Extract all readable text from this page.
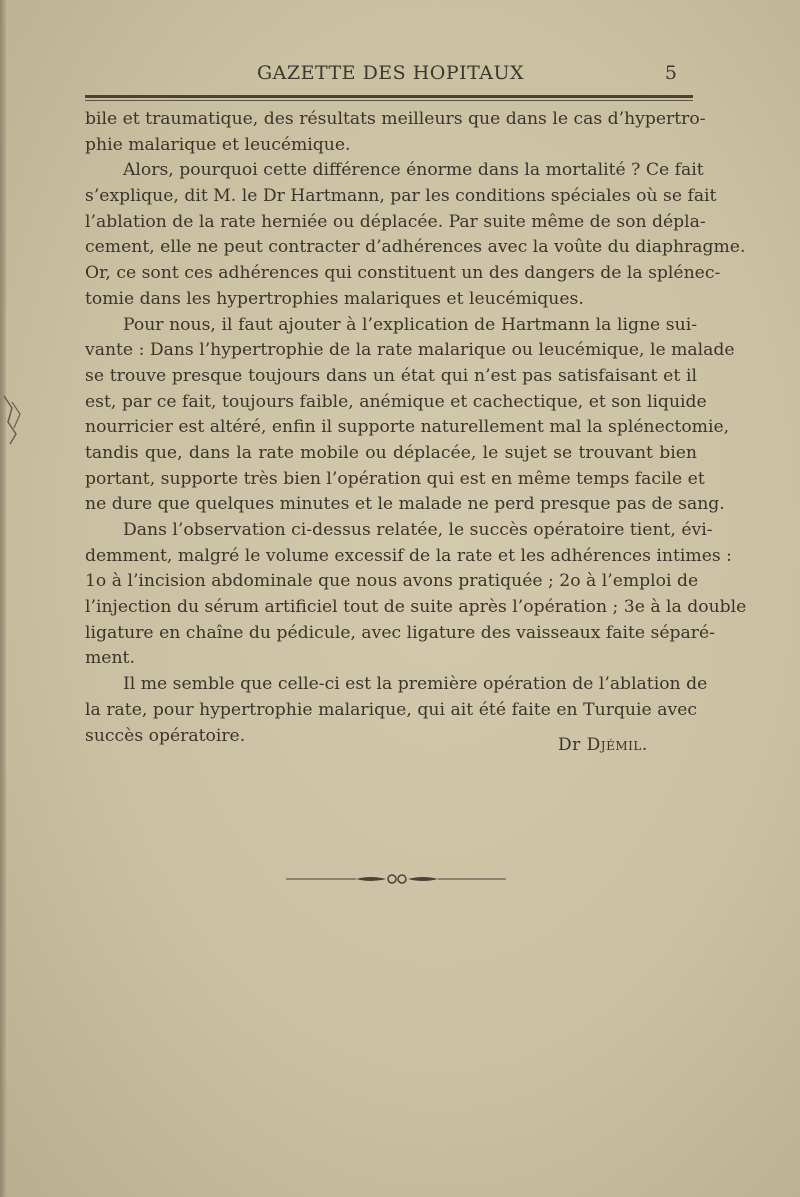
GAZETTE DES HOPITAUX	5
bile et traumatique, des résultats meilleurs que dans le cas d’hypertro-
phie malarique et leucémique.
Alors, pourquoi cette différence énorme dans la mortalité ? Ce fait
s’explique, dit M. le Dr Hartmann, par les conditions spéciales où se fait
l’ablation de la rate herniée ou déplacée. Par suite même de son dépla-
cement, elle ne peut contracter d’adhérences avec la voûte du diaphragme.
Or, ce sont ces adhérences qui constituent un des dangers de la splénec-
tomie dans les hypertrophies malariques et leucémiques.
Pour nous, il faut ajouter à l’explication de Hartmann la ligne sui-
vante : Dans l’hypertrophie de la rate malarique ou leucémique, le malade
se trouve presque toujours dans un état qui n’est pas satisfaisant et il
est, par ce fait, toujours faible, anémique et cachectique, et son liquide
nourricier est altéré, enfin il supporte naturellement mal la splénectomie,
tandis que, dans la rate mobile ou déplacée, le sujet se trouvant bien
portant, supporte très bien l’opération qui est en même temps facile et
ne dure que quelques minutes et le malade ne perd presque pas de sang.
Dans l’observation ci-dessus relatée, le succès opératoire tient, évi-
demment, malgré le volume excessif de la rate et les adhérences intimes :
1o à l’incision abdominale que nous avons pratiquée ; 2o à l’emploi de
l’injection du sérum artificiel tout de suite après l’opération ; 3e à la double
ligature en chaîne du pédicule, avec ligature des vaisseaux faite séparé-
ment.
Il me semble que celle-ci est la première opération de l’ablation de
la rate, pour hypertrophie malarique, qui ait été faite en Turquie avec
succès opératoire.	Dr Djémil.
